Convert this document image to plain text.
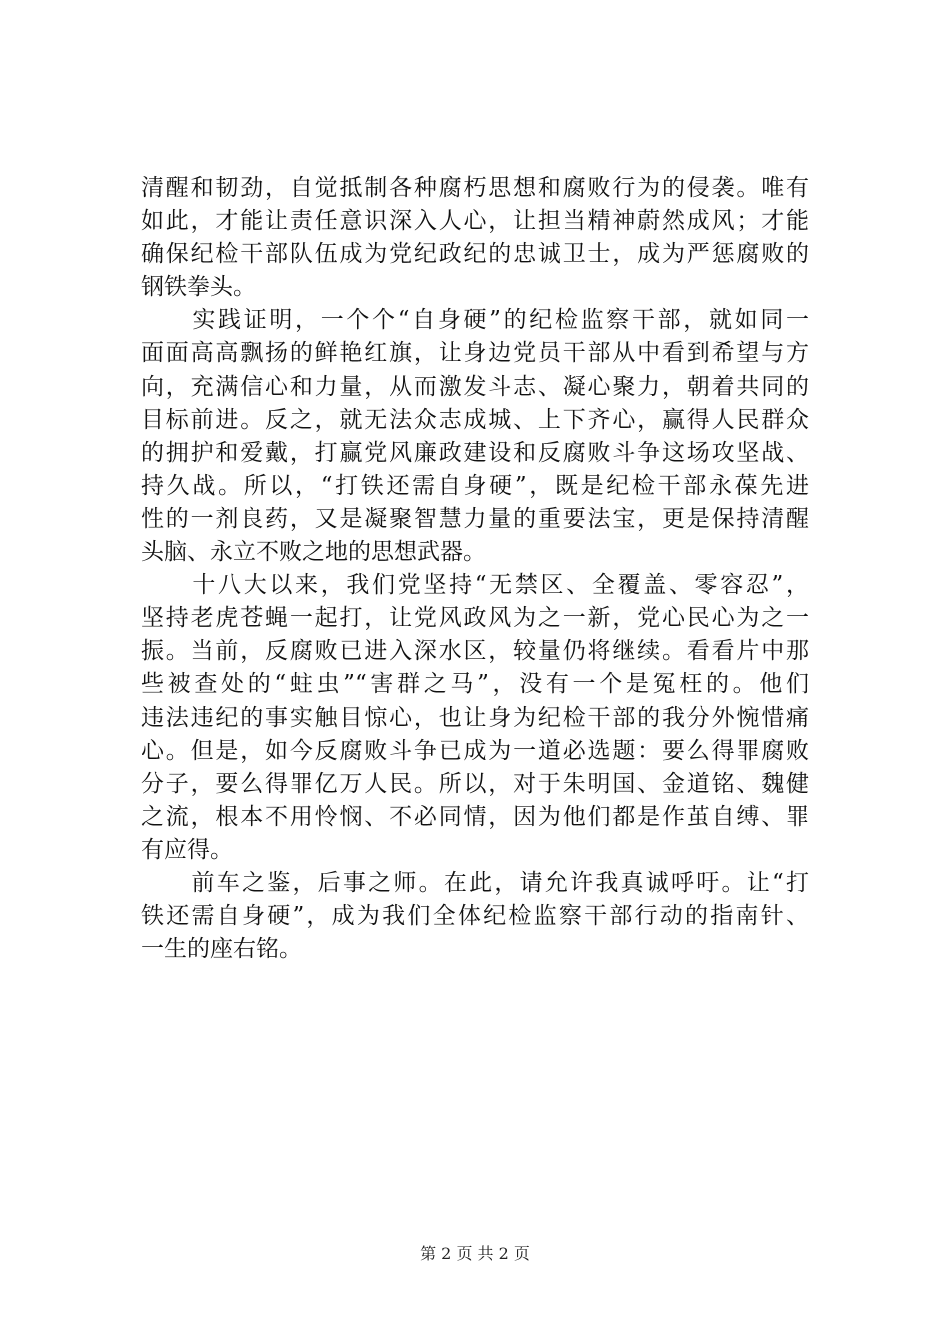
清醒和韧劲，自觉抵制各种腐朽思想和腐败行为的侵袭。唯有
如此，才能让责任意识深入人心，让担当精神蔚然成风；才能
确保纪检干部队伍成为党纪政纪的忠诚卫士，成为严惩腐败的
钢铁拳头。
　　实践证明，一个个“自身硬”的纪检监察干部，就如同一
面面高高飘扬的鲜艳红旗，让身边党员干部从中看到希望与方
向，充满信心和力量，从而激发斗志、凝心聚力，朝着共同的
目标前进。反之，就无法众志成城、上下齐心，赢得人民群众
的拥护和爱戴，打赢党风廉政建设和反腐败斗争这场攻坚战、
持久战。所以，“打铁还需自身硬”，既是纪检干部永葆先进
性的一剂良药，又是凝聚智慧力量的重要法宝，更是保持清醒
头脑、永立不败之地的思想武器。
　　十八大以来，我们党坚持“无禁区、全覆盖、零容忍”，
坚持老虎苍蝇一起打，让党风政风为之一新，党心民心为之一
振。当前，反腐败已进入深水区，较量仍将继续。看看片中那
些被查处的“蛀虫”“害群之马”，没有一个是冤枉的。他们
违法违纪的事实触目惊心，也让身为纪检干部的我分外惋惜痛
心。但是，如今反腐败斗争已成为一道必选题：要么得罪腐败
分子，要么得罪亿万人民。所以，对于朱明国、金道铭、魏健
之流，根本不用怜悯、不必同情，因为他们都是作茧自缚、罪
有应得。
　　前车之鉴，后事之师。在此，请允许我真诚呼吁。让“打
铁还需自身硬”，成为我们全体纪检监察干部行动的指南针、
一生的座右铭。
第 2 页 共 2 页
